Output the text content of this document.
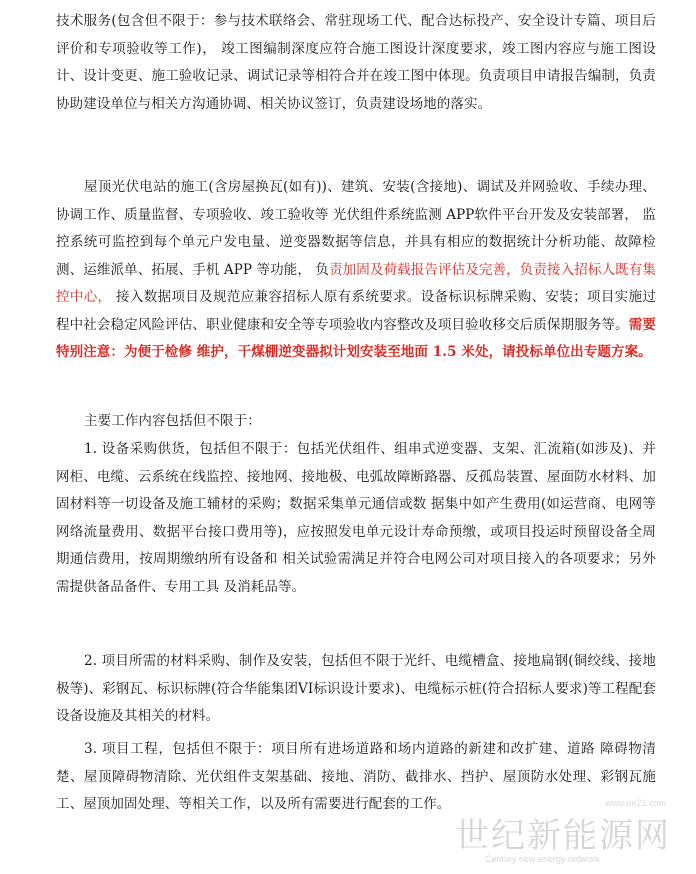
技术服务(包含但不限于：参与技术联络会、常驻现场工代、配合达标投产、安全设计专篇、项目后评价和专项验收等工作)， 竣工图编制深度应符合施工图设计深度要求，竣工图内容应与施工图设计、设计变更、施工验收记录、调试记录等相符合并在竣工图中体现。负责项目申请报告编制，负责协助建设单位与相关方沟通协调、相关协议签订，负责建设场地的落实。

屋顶光伏电站的施工(含房屋换瓦(如有))、建筑、安装(含接地)、调试及并网验收、手续办理、协调工作、质量监督、专项验收、竣工验收等 光伏组件系统监测 APP软件平台开发及安装部署， 监控系统可监控到每个单元户发电量、逆变器数据等信息，并具有相应的数据统计分析功能、故障检测、运维派单、拓展、手机 APP 等功能， 负责加固及荷载报告评估及完善，负责接入招标人既有集控中心， 接入数据项目及规范应兼容招标人原有系统要求。设备标识标牌采购、安装；项目实施过程中社会稳定风险评估、职业健康和安全等专项验收内容整改及项目验收移交后质保期服务等。需要特别注意：为便于检修 维护，干煤棚逆变器拟计划安装至地面 1.5 米处，请投标单位出专题方案。

主要工作内容包括但不限于：

1. 设备采购供货，包括但不限于：包括光伏组件、组串式逆变器、支架、汇流箱(如涉及)、并网柜、电缆、云系统在线监控、接地网、接地极、电弧故障断路器、反孤岛装置、屋面防水材料、加固材料等一切设备及施工辅材的采购；数据采集单元通信或数 据集中如产生费用(如运营商、电网等网络流量费用、数据平台接口费用等)，应按照发电单元设计寿命预缴，或项目投运时预留设备全周期通信费用，按周期缴纳所有设备和 相关试验需满足并符合电网公司对项目接入的各项要求；另外需提供备品备件、专用工具 及消耗品等。

2. 项目所需的材料采购、制作及安装，包括但不限于光纤、电缆槽盒、接地扁钢(铜绞线、接地极等)、彩钢瓦、标识标牌(符合华能集团VI标识设计要求)、电缆标示桩(符合招标人要求)等工程配套设备设施及其相关的材料。

3. 项目工程，包括但不限于：项目所有进场道路和场内道路的新建和改扩建、道路 障碍物清楚、屋顶障碍物清除、光伏组件支架基础、接地、消防、截排水、挡护、屋顶防水处理、彩钢瓦施工、屋顶加固处理、等相关工作，以及所有需要进行配套的工作。	www.ne21.com
世纪新能源网
Century new energy network
